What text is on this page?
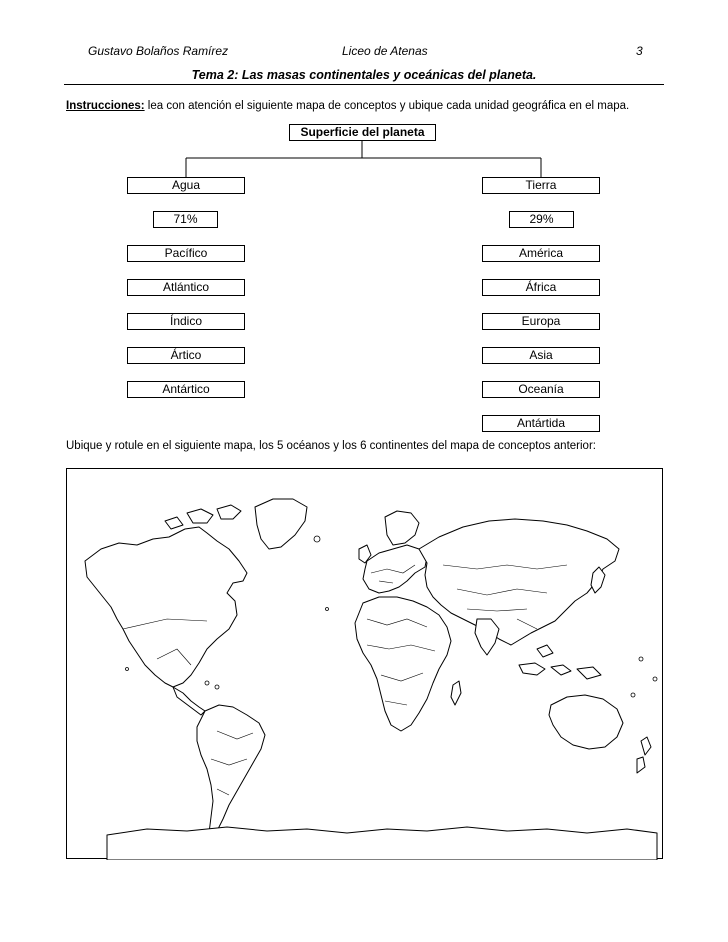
Gustavo Bolaños Ramírez	Liceo de Atenas	3
Tema 2: Las masas continentales y oceánicas del planeta.
Instrucciones: lea con atención el siguiente mapa de conceptos y ubique cada unidad geográfica en el mapa.
Superficie del planeta
Agua
71%
Pacífico
Atlántico
Índico
Ártico
Antártico
Tierra
29%
América
África
Europa
Asia
Oceanía
Antártida
Ubique y rotule en el siguiente mapa, los 5 océanos y los 6 continentes del mapa de conceptos anterior:
